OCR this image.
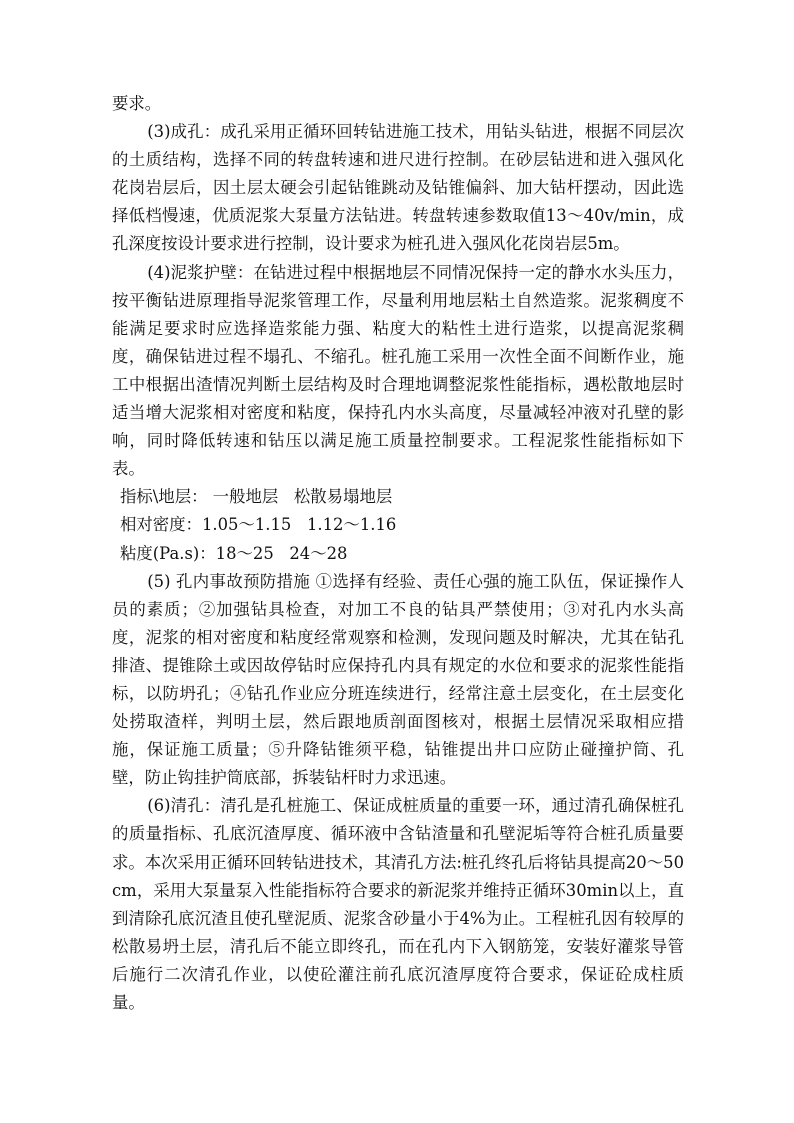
要求。

(3)成孔：成孔采用正循环回转钻进施工技术，用钻头钻进，根据不同层次的土质结构，选择不同的转盘转速和进尺进行控制。在砂层钻进和进入强风化花岗岩层后，因土层太硬会引起钻锥跳动及钻锥偏斜、加大钻杆摆动，因此选择低档慢速，优质泥浆大泵量方法钻进。转盘转速参数取值13～40v/min，成孔深度按设计要求进行控制，设计要求为桩孔进入强风化花岗岩层5m。

(4)泥浆护壁：在钻进过程中根据地层不同情况保持一定的静水水头压力，按平衡钻进原理指导泥浆管理工作，尽量利用地层粘土自然造浆。泥浆稠度不能满足要求时应选择造浆能力强、粘度大的粘性土进行造浆，以提高泥浆稠度，确保钻进过程不塌孔、不缩孔。桩孔施工采用一次性全面不间断作业，施工中根据出渣情况判断土层结构及时合理地调整泥浆性能指标，遇松散地层时适当增大泥浆相对密度和粘度，保持孔内水头高度，尽量减轻冲液对孔壁的影响，同时降低转速和钻压以满足施工质量控制要求。工程泥浆性能指标如下表。

指标\地层： 一般地层   松散易塌地层

相对密度：1.05～1.15   1.12～1.16

粘度(Pa.s)：18～25   24～28

(5) 孔内事故预防措施 ①选择有经验、责任心强的施工队伍，保证操作人员的素质；②加强钻具检查，对加工不良的钻具严禁使用；③对孔内水头高度，泥浆的相对密度和粘度经常观察和检测，发现问题及时解决，尤其在钻孔排渣、提锥除土或因故停钻时应保持孔内具有规定的水位和要求的泥浆性能指标，以防坍孔；④钻孔作业应分班连续进行，经常注意土层变化，在土层变化处捞取渣样，判明土层，然后跟地质剖面图核对，根据土层情况采取相应措施，保证施工质量；⑤升降钻锥须平稳，钻锥提出井口应防止碰撞护筒、孔壁，防止钩挂护筒底部，拆装钻杆时力求迅速。

(6)清孔：清孔是孔桩施工、保证成桩质量的重要一环，通过清孔确保桩孔的质量指标、孔底沉渣厚度、循环液中含钻渣量和孔壁泥垢等符合桩孔质量要求。本次采用正循环回转钻进技术，其清孔方法:桩孔终孔后将钻具提高20～50cm，采用大泵量泵入性能指标符合要求的新泥浆并维持正循环30min以上，直到清除孔底沉渣且使孔壁泥质、泥浆含砂量小于4%为止。工程桩孔因有较厚的松散易坍土层，清孔后不能立即终孔，而在孔内下入钢筋笼，安装好灌浆导管后施行二次清孔作业，以使砼灌注前孔底沉渣厚度符合要求，保证砼成柱质量。
